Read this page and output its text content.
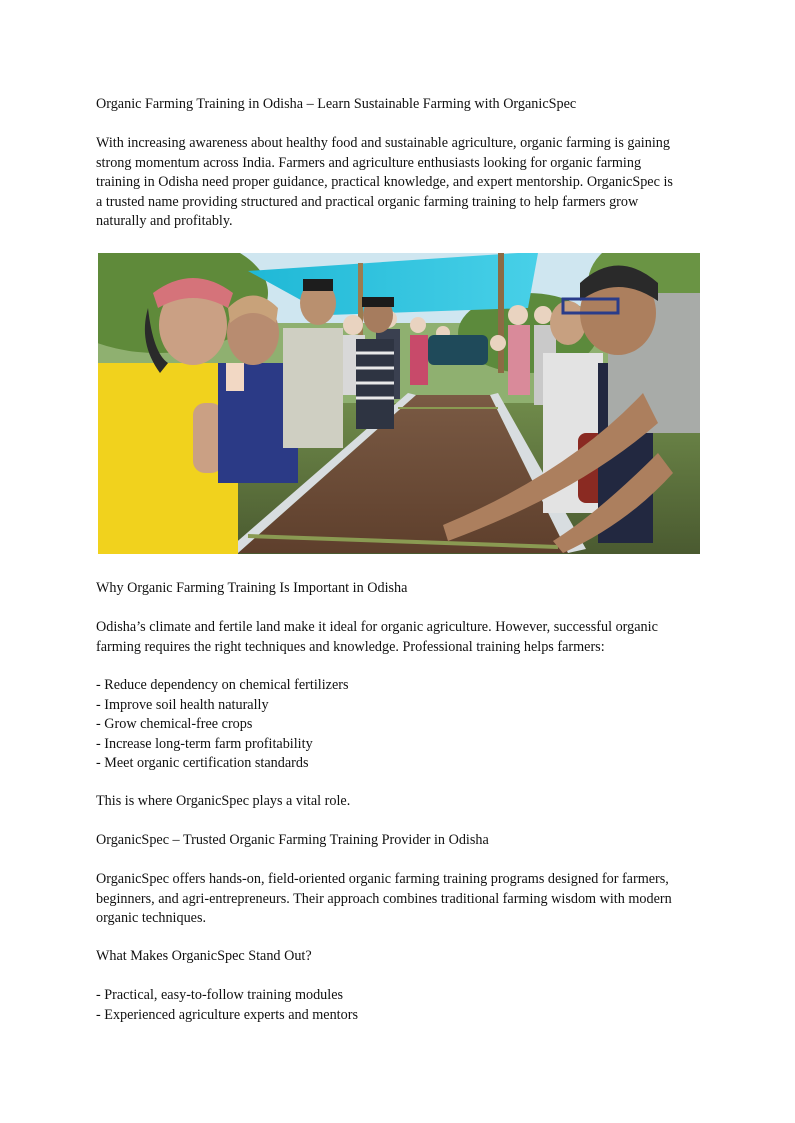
Organic Farming Training in Odisha – Learn Sustainable Farming with OrganicSpec

With increasing awareness about healthy food and sustainable agriculture, organic farming is gaining
strong momentum across India. Farmers and agriculture enthusiasts looking for organic farming
training in Odisha need proper guidance, practical knowledge, and expert mentorship. OrganicSpec is
a trusted name providing structured and practical organic farming training to help farmers grow
naturally and profitably.

Why Organic Farming Training Is Important in Odisha

Odisha’s climate and fertile land make it ideal for organic agriculture. However, successful organic
farming requires the right techniques and knowledge. Professional training helps farmers:

- Reduce dependency on chemical fertilizers
- Improve soil health naturally
- Grow chemical-free crops
- Increase long-term farm profitability
- Meet organic certification standards

This is where OrganicSpec plays a vital role.

OrganicSpec – Trusted Organic Farming Training Provider in Odisha

OrganicSpec offers hands-on, field-oriented organic farming training programs designed for farmers,
beginners, and agri-entrepreneurs. Their approach combines traditional farming wisdom with modern
organic techniques.

What Makes OrganicSpec Stand Out?

- Practical, easy-to-follow training modules
- Experienced agriculture experts and mentors
